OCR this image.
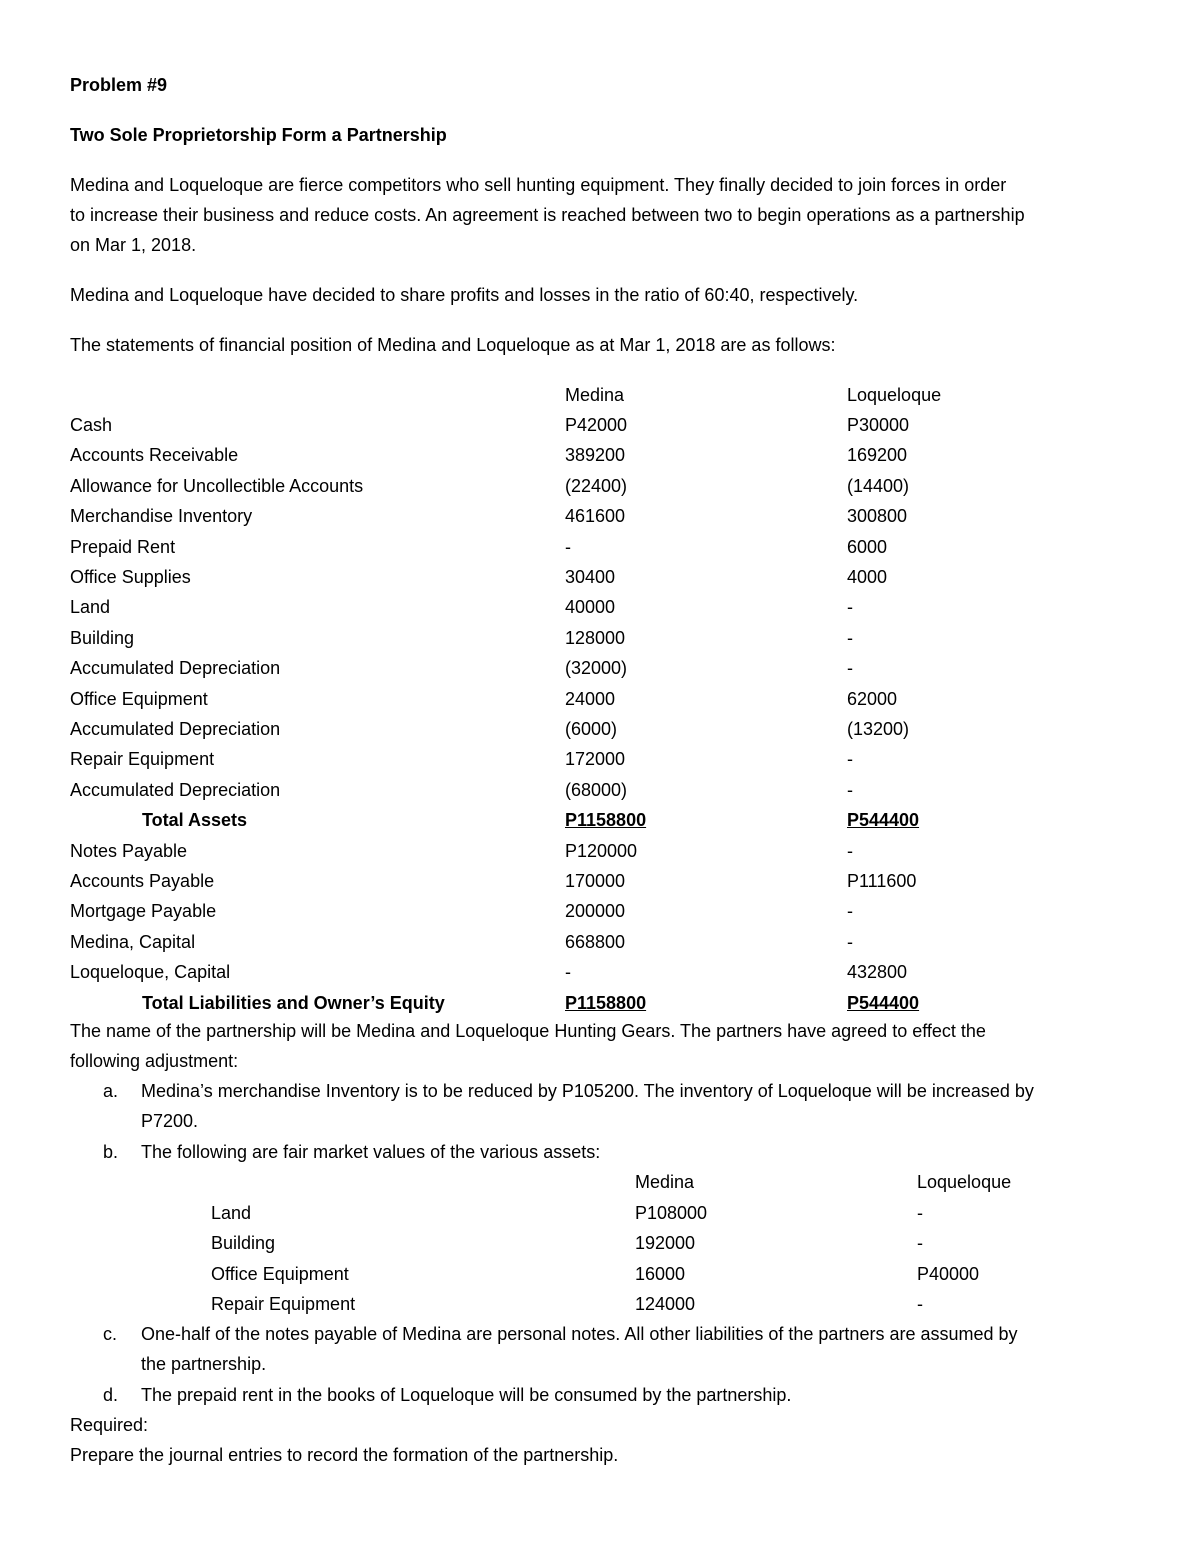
Problem #9
Two Sole Proprietorship Form a Partnership
Medina and Loqueloque are fierce competitors who sell hunting equipment. They finally decided to join forces in order
to increase their business and reduce costs. An agreement is reached between two to begin operations as a partnership
on Mar 1, 2018.
Medina and Loqueloque have decided to share profits and losses in the ratio of 60:40, respectively.
The statements of financial position of Medina and Loqueloque as at Mar 1, 2018 are as follows:
Medina	Loqueloque
Cash	P42000	P30000
Accounts Receivable	389200	169200
Allowance for Uncollectible Accounts	(22400)	(14400)
Merchandise Inventory	461600	300800
Prepaid Rent	-	6000
Office Supplies	30400	4000
Land	40000	-
Building	128000	-
Accumulated Depreciation	(32000)	-
Office Equipment	24000	62000
Accumulated Depreciation	(6000)	(13200)
Repair Equipment	172000	-
Accumulated Depreciation	(68000)	-
Total Assets	P1158800	P544400
Notes Payable	P120000	-
Accounts Payable	170000	P111600
Mortgage Payable	200000	-
Medina, Capital	668800	-
Loqueloque, Capital	-	432800
Total Liabilities and Owner’s Equity	P1158800	P544400
The name of the partnership will be Medina and Loqueloque Hunting Gears. The partners have agreed to effect the
following adjustment:
a. Medina’s merchandise Inventory is to be reduced by P105200. The inventory of Loqueloque will be increased by
P7200.
b. The following are fair market values of the various assets:
Medina	Loqueloque
Land	P108000	-
Building	192000	-
Office Equipment	16000	P40000
Repair Equipment	124000	-
c. One-half of the notes payable of Medina are personal notes. All other liabilities of the partners are assumed by
the partnership.
d. The prepaid rent in the books of Loqueloque will be consumed by the partnership.
Required:
Prepare the journal entries to record the formation of the partnership.
